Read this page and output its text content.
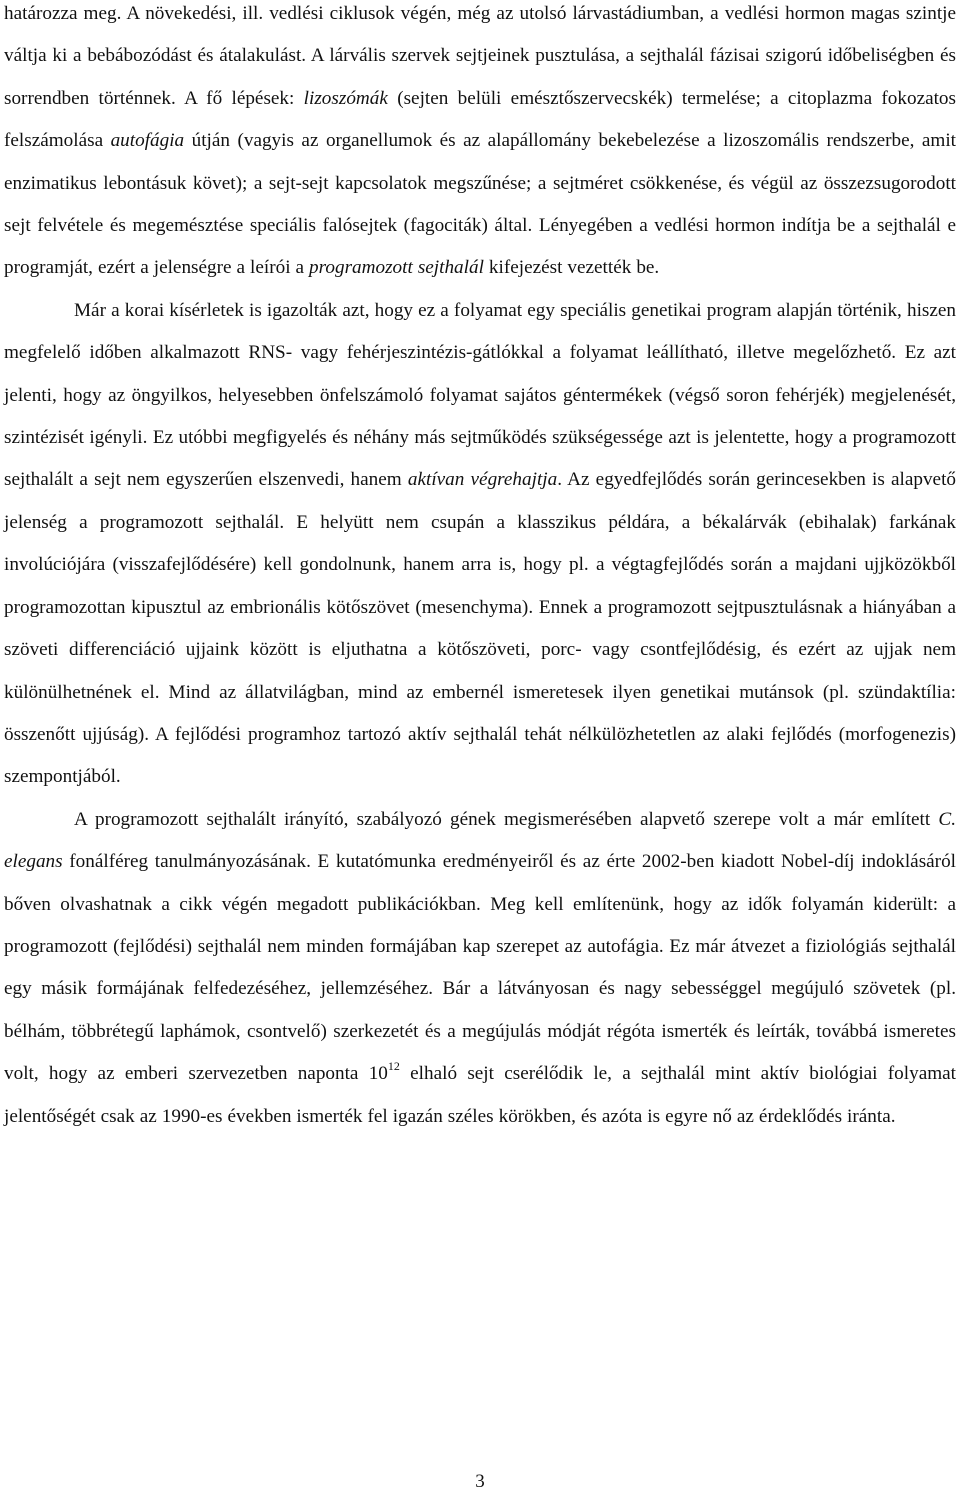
határozza meg. A növekedési, ill. vedlési ciklusok végén, még az utolsó lárvastádiumban, a vedlési hormon magas szintje váltja ki a bebábozódást és átalakulást. A lárvális szervek sejtjeinek pusztulása, a sejthalál fázisai szigorú időbeliségben és sorrendben történnek. A fő lépések: lizoszómák (sejten belüli emésztőszervecskék) termelése; a citoplazma fokozatos felszámolása autofágia útján (vagyis az organellumok és az alapállomány bekebelezése a lizoszomális rendszerbe, amit enzimatikus lebontásuk követ); a sejt-sejt kapcsolatok megszűnése; a sejtméret csökkenése, és végül az összezsugorodott sejt felvétele és megemésztése speciális falósejtek (fagociták) által. Lényegében a vedlési hormon indítja be a sejthalál e programját, ezért a jelenségre a leírói a programozott sejthalál kifejezést vezették be.

Már a korai kísérletek is igazolták azt, hogy ez a folyamat egy speciális genetikai program alapján történik, hiszen megfelelő időben alkalmazott RNS- vagy fehérjeszintézis-gátlókkal a folyamat leállítható, illetve megelőzhető. Ez azt jelenti, hogy az öngyilkos, helyesebben önfelszámoló folyamat sajátos géntermékek (végső soron fehérjék) megjelenését, szintézisét igényli. Ez utóbbi megfigyelés és néhány más sejtműködés szükségessége azt is jelentette, hogy a programozott sejthalált a sejt nem egyszerűen elszenvedi, hanem aktívan végrehajtja. Az egyedfejlődés során gerincesekben is alapvető jelenség a programozott sejthalál. E helyütt nem csupán a klasszikus példára, a békalárvák (ebihalak) farkának involúciójára (visszafejlődésére) kell gondolnunk, hanem arra is, hogy pl. a végtagfejlődés során a majdani ujjközökből programozottan kipusztul az embrionális kötőszövet (mesenchyma). Ennek a programozott sejtpusztulásnak a hiányában a szöveti differenciáció ujjaink között is eljuthatna a kötőszöveti, porc- vagy csontfejlődésig, és ezért az ujjak nem különülhetnének el. Mind az állatvilágban, mind az embernél ismeretesek ilyen genetikai mutánsok (pl. szündaktília: összenőtt ujjúság). A fejlődési programhoz tartozó aktív sejthalál tehát nélkülözhetetlen az alaki fejlődés (morfogenezis) szempontjából.

A programozott sejthalált irányító, szabályozó gének megismerésében alapvető szerepe volt a már említett C. elegans fonálféreg tanulmányozásának. E kutatómunka eredményeiről és az érte 2002-ben kiadott Nobel-díj indoklásáról bőven olvashatnak a cikk végén megadott publikációkban. Meg kell említenünk, hogy az idők folyamán kiderült: a programozott (fejlődési) sejthalál nem minden formájában kap szerepet az autofágia. Ez már átvezet a fiziológiás sejthalál egy másik formájának felfedezéséhez, jellemzéséhez. Bár a látványosan és nagy sebességgel megújuló szövetek (pl. bélhám, többrétegű laphámok, csontvelő) szerkezetét és a megújulás módját régóta ismerték és leírták, továbbá ismeretes volt, hogy az emberi szervezetben naponta $10^{12}$ elhaló sejt cserélődik le, a sejthalál mint aktív biológiai folyamat jelentőségét csak az 1990-es években ismerték fel igazán széles körökben, és azóta is egyre nő az érdeklődés iránta.

3
